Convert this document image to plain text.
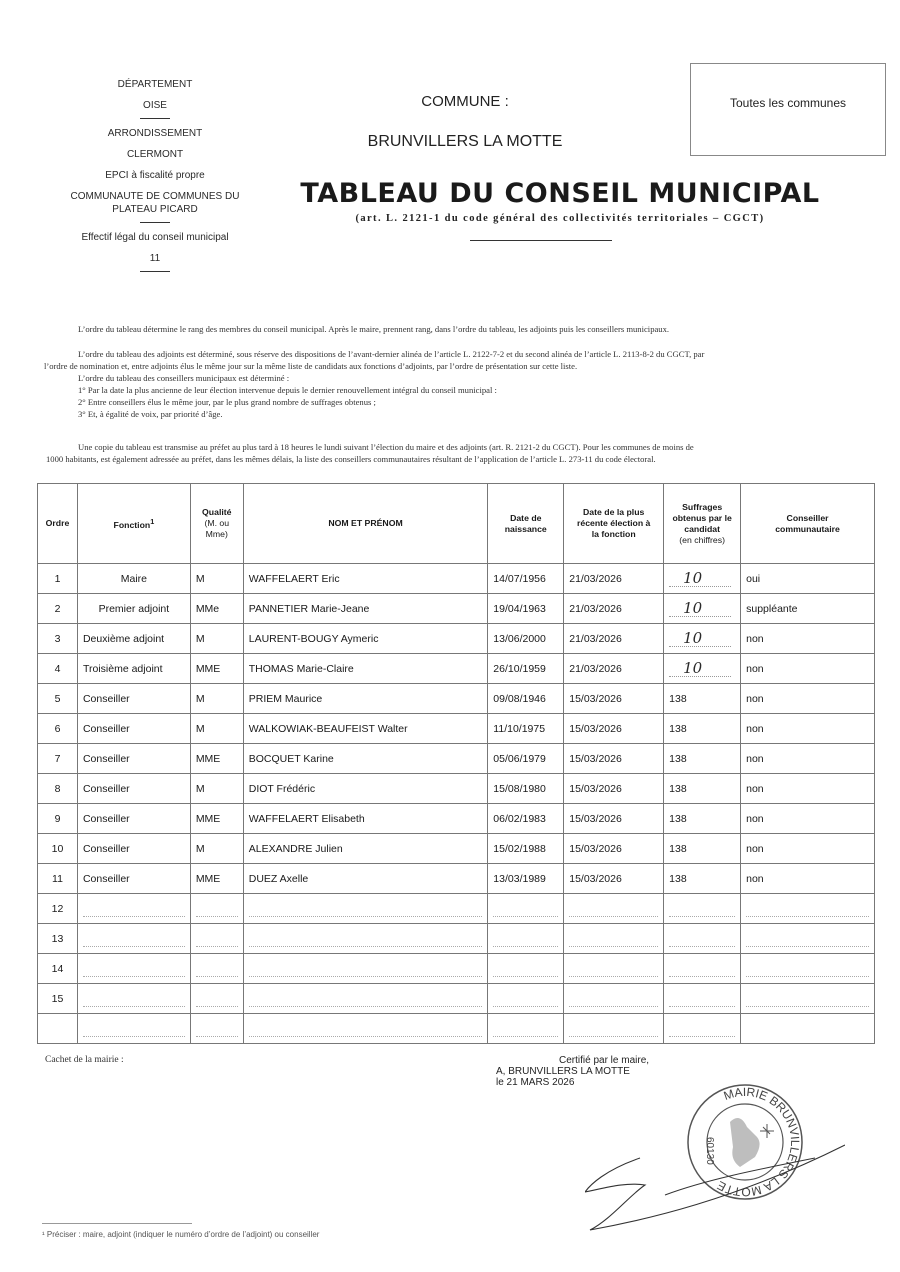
DÉPARTEMENT
OISE
ARRONDISSEMENT
CLERMONT
EPCI à fiscalité propre
COMMUNAUTE DE COMMUNES DU
PLATEAU PICARD
Effectif légal du conseil municipal
11
COMMUNE :
BRUNVILLERS LA MOTTE
Toutes les communes
TABLEAU DU CONSEIL MUNICIPAL
(art. L. 2121-1 du code général des collectivités territoriales – CGCT)
L’ordre du tableau détermine le rang des membres du conseil municipal. Après le maire, prennent rang, dans l’ordre du tableau, les adjoints puis les conseillers municipaux.
L’ordre du tableau des adjoints est déterminé, sous réserve des dispositions de l’avant-dernier alinéa de l’article L. 2122-7-2 et du second alinéa de l’article L. 2113-8-2 du CGCT, par
l’ordre de nomination et, entre adjoints élus le même jour sur la même liste de candidats aux fonctions d’adjoints, par l’ordre de présentation sur cette liste.
L’ordre du tableau des conseillers municipaux est déterminé :
1° Par la date la plus ancienne de leur élection intervenue depuis le dernier renouvellement intégral du conseil municipal :
2° Entre conseillers élus le même jour, par le plus grand nombre de suffrages obtenus ;
3° Et, à égalité de voix, par priorité d’âge.
Une copie du tableau est transmise au préfet au plus tard à 18 heures le lundi suivant l’élection du maire et des adjoints (art. R. 2121-2 du CGCT). Pour les communes de moins de
1000 habitants, est également adressée au préfet, dans les mêmes délais, la liste des conseillers communautaires résultant de l’application de l’article L. 273-11 du code électoral.
Ordre	Fonction$^1$	Qualité
(M. ou
Mme)	NOM ET PRÉNOM	Date de
naissance	Date de la plus
récente élection à
la fonction	Suffrages
obtenus par le
candidat
(en chiffres)	Conseiller
communautaire
1	Maire	M	WAFFELAERT Eric	14/07/1956	21/03/2026	10	oui
2	Premier adjoint	MMe	PANNETIER Marie-Jeane	19/04/1963	21/03/2026	10	suppléante
3	Deuxième adjoint	M	LAURENT-BOUGY Aymeric	13/06/2000	21/03/2026	10	non
4	Troisième adjoint	MME	THOMAS Marie-Claire	26/10/1959	21/03/2026	10	non
5	Conseiller	M	PRIEM Maurice	09/08/1946	15/03/2026	138	non
6	Conseiller	M	WALKOWIAK-BEAUFEIST Walter	11/10/1975	15/03/2026	138	non
7	Conseiller	MME	BOCQUET Karine	05/06/1979	15/03/2026	138	non
8	Conseiller	M	DIOT Frédéric	15/08/1980	15/03/2026	138	non
9	Conseiller	MME	WAFFELAERT Elisabeth	06/02/1983	15/03/2026	138	non
10	Conseiller	M	ALEXANDRE Julien	15/02/1988	15/03/2026	138	non
11	Conseiller	MME	DUEZ Axelle	13/03/1989	15/03/2026	138	non
12	

13	

14	

15	

Cachet de la mairie :	Certifié par le maire,
A, BRUNVILLERS LA MOTTE
le 21 MARS 2026
MAIRIE BRUNVILLERS LA MOTTE
60130
¹ Préciser : maire, adjoint (indiquer le numéro d’ordre de l’adjoint) ou conseiller
